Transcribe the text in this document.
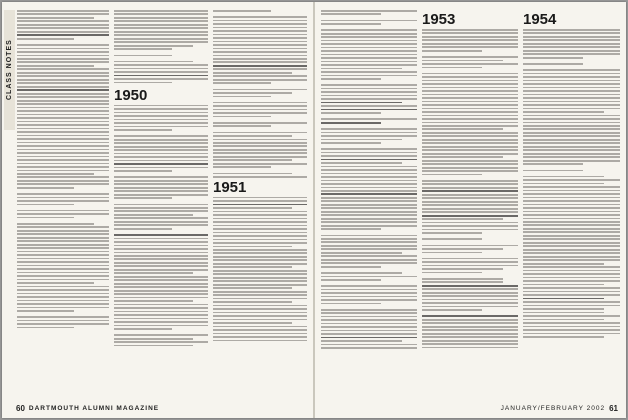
CLASS NOTES	1950
1951
60 DARTMOUTH ALUMNI MAGAZINE
1953	1954
JANUARY/FEBRUARY 2002 61
